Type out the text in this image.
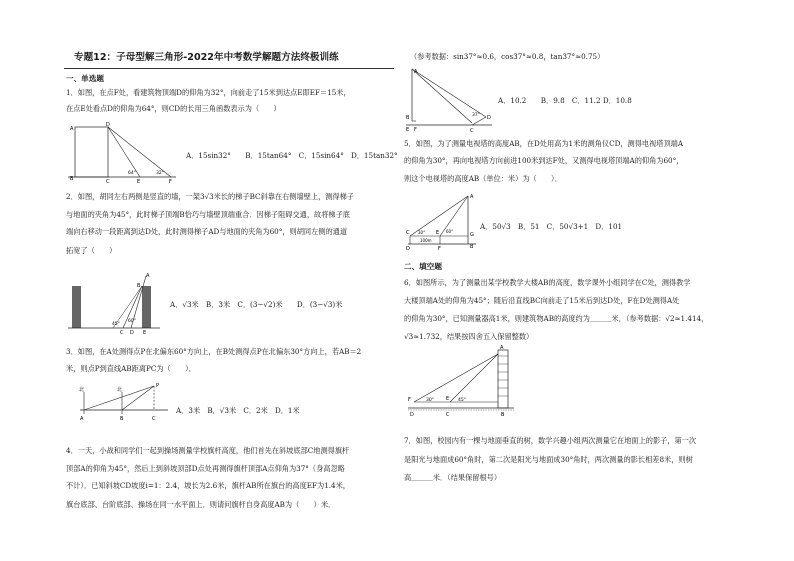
专题12：子母型解三角形-2022年中考数学解题方法终极训练
一、单选题
1．如图，在点F处，看建筑物顶端D的仰角为32°，向前走了15米到达点E即EF＝15米，
在点E处看点D的仰角为64°，则CD的长用三角函数表示为（　　）
A
D
B	C	E	F
64°	32°
A．15sin32°　　B．15tan64°　C．15sin64°　D．15tan32°
2．如图，胡同左右两侧是竖直的墙，一架3√3米长的梯子BC斜靠在右侧墙壁上，测得梯子
与地面的夹角为45°，此时梯子顶端B恰巧与墙壁顶端重合．因梯子阻碍交通，故将梯子底
端向右移动一段距离到达D处，此时测得梯子AD与地面的夹角为60°，则胡同左侧的通道
拓宽了（　　）
A
B
C D E
45°
60°
A．√3米　B．3米　C．(3−√2)米　　D．(3−√3)米
3．如图，在A处测得点P在北偏东60°方向上，在B处测得点P在北偏东30°方向上，若AB＝2
米，则点P到直线AB距离PC为（　　）．
北	北
P
A	B	C
A．3米　B．√3米　C．2米　D．1米
4．一天，小战和同学们一起到操场测量学校旗杆高度，他们首先在斜坡底部C地测得旗杆
顶部A的仰角为45°，然后上到斜坡顶部D点处再测得旗杆顶部A点仰角为37°（身高忽略
不计）．已知斜坡CD坡度i=1：2.4，坡长为2.6米，旗杆AB所在旗台的高度EF为1.4米，
旗台底部、台阶底部、操场在同一水平面上．则请问旗杆自身高度AB为（　　）米．
（参考数据：sin37°≈0.6，cos37°≈0.8，tan37°≈0.75）
A
B
E F	C
D
37°
A．10.2　　B．9.8　C．11.2 D．10.8
5．如图，为了测量电视塔的高度AB，在D处用高为1米的测角仪CD，测得电视塔顶端A
的仰角为30°，再向电视塔方向前进100米到达F处，又测得电视塔顶端A的仰角为60°，
则这个电视塔的高度AB（单位：米）为（　　）．
A
C	E	G
D	F	B
30°	60°
100m
A．50√3　B．51　C．50√3+1　D．101
二、填空题
6．如图所示，为了测量出某学校教学大楼AB的高度，数学课外小组同学在C处，测得教学
大楼顶端A处的仰角为45°；随后沿直线BC向前走了15米后到达D处，F在D处测得A处
的仰角为30°，已知测量器高1米，则建筑物AB的高度约为＿＿＿米．（参考数据：√2≈1.414，
√3≈1.732，结果按四舍五入保留整数）
A
F	E
D	C	B
30°	45°
7．如图，校园内有一棵与地面垂直的树，数学兴趣小组两次测量它在地面上的影子，第一次
是阳光与地面成60°角时，第二次是阳光与地面成30°角时，两次测量的影长相差8米，则树
高＿＿＿米．（结果保留根号）
